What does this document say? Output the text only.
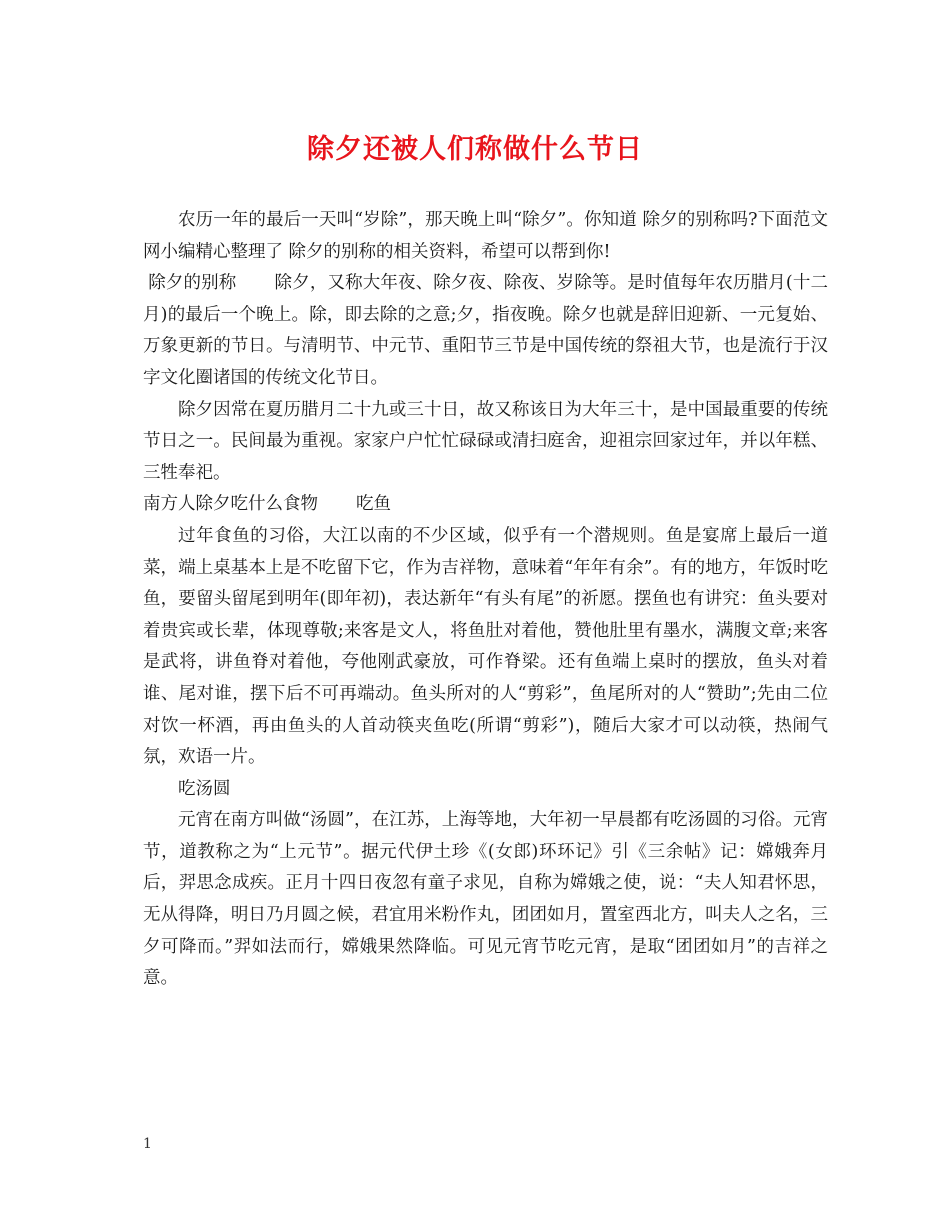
除夕还被人们称做什么节日

农历一年的最后一天叫“岁除”，那天晚上叫“除夕”。你知道 除夕的别称吗?下面范文网小编精心整理了 除夕的别称的相关资料，希望可以帮到你!

除夕的别称 除夕，又称大年夜、除夕夜、除夜、岁除等。是时值每年农历腊月(十二月)的最后一个晚上。除，即去除的之意;夕，指夜晚。除夕也就是辞旧迎新、一元复始、万象更新的节日。与清明节、中元节、重阳节三节是中国传统的祭祖大节，也是流行于汉字文化圈诸国的传统文化节日。

除夕因常在夏历腊月二十九或三十日，故又称该日为大年三十，是中国最重要的传统节日之一。民间最为重视。家家户户忙忙碌碌或清扫庭舍，迎祖宗回家过年，并以年糕、三牲奉祀。

南方人除夕吃什么食物 吃鱼

过年食鱼的习俗，大江以南的不少区域，似乎有一个潜规则。鱼是宴席上最后一道菜，端上桌基本上是不吃留下它，作为吉祥物，意味着“年年有余”。有的地方，年饭时吃鱼，要留头留尾到明年(即年初)，表达新年“有头有尾”的祈愿。摆鱼也有讲究：鱼头要对着贵宾或长辈，体现尊敬;来客是文人，将鱼肚对着他，赞他肚里有墨水，满腹文章;来客是武将，讲鱼脊对着他，夸他刚武豪放，可作脊梁。还有鱼端上桌时的摆放，鱼头对着谁、尾对谁，摆下后不可再端动。鱼头所对的人“剪彩”，鱼尾所对的人“赞助”;先由二位对饮一杯酒，再由鱼头的人首动筷夹鱼吃(所谓“剪彩”)，随后大家才可以动筷，热闹气氛，欢语一片。

吃汤圆

元宵在南方叫做“汤圆”，在江苏，上海等地，大年初一早晨都有吃汤圆的习俗。元宵节，道教称之为“上元节”。据元代伊土珍《(女郎)环环记》引《三余帖》记：嫦娥奔月后，羿思念成疾。正月十四日夜忽有童子求见，自称为嫦娥之使，说：“夫人知君怀思，无从得降，明日乃月圆之候，君宜用米粉作丸，团团如月，置室西北方，叫夫人之名，三夕可降而。”羿如法而行，嫦娥果然降临。可见元宵节吃元宵，是取“团团如月”的吉祥之意。

1
